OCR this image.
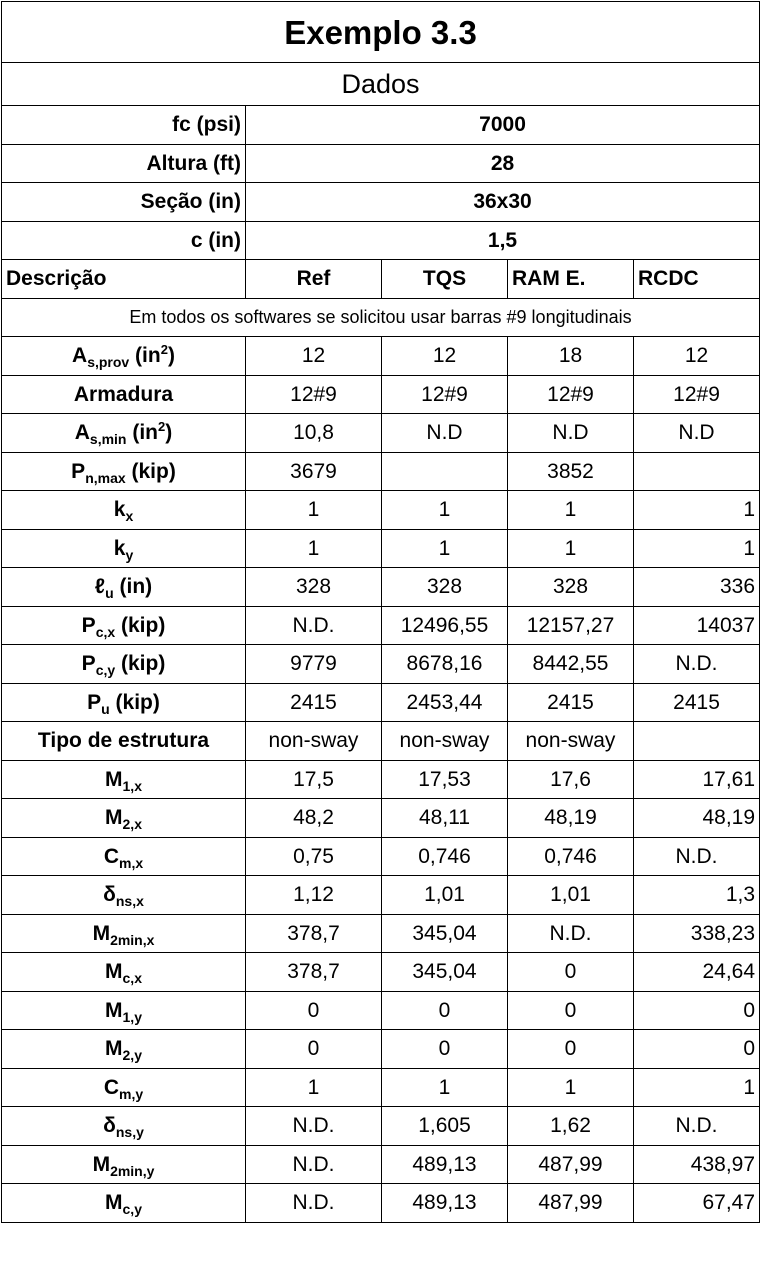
Exemplo 3.3				
Dados				
fc (psi)	7000			
Altura (ft)	28			
Seção (in)	36x30			
c (in)	1,5			
Descrição	Ref	TQS	RAM E.	RCDC
Em todos os softwares se solicitou usar barras #9 longitudinais				
$A_{s,prov}$ $(in^2)$	12	12	18	12
Armadura	12#9	12#9	12#9	12#9
$A_{s,min}$ $(in^2)$	10,8	N.D	N.D	N.D
$P_{n,max}$ (kip)	3679		3852	
$k_x$	1	1	1	1
$k_y$	1	1	1	1
ℓ$_u$ (in)	328	328	328	336
$P_{c,x}$ (kip)	N.D.	12496,55	12157,27	14037
$P_{c,y}$ (kip)	9779	8678,16	8442,55	N.D.
$P_u$ (kip)	2415	2453,44	2415	2415
Tipo de estrutura	non-sway	non-sway	non-sway	
$M_{1,x}$	17,5	17,53	17,6	17,61
$M_{2,x}$	48,2	48,11	48,19	48,19
$C_{m,x}$	0,75	0,746	0,746	N.D.
$\delta_{ns,x}$	1,12	1,01	1,01	1,3
$M_{2min,x}$	378,7	345,04	N.D.	338,23
$M_{c,x}$	378,7	345,04	0	24,64
$M_{1,y}$	0	0	0	0
$M_{2,y}$	0	0	0	0
$C_{m,y}$	1	1	1	1
$\delta_{ns,y}$	N.D.	1,605	1,62	N.D.
$M_{2min,y}$	N.D.	489,13	487,99	438,97
$M_{c,y}$	N.D.	489,13	487,99	67,47
